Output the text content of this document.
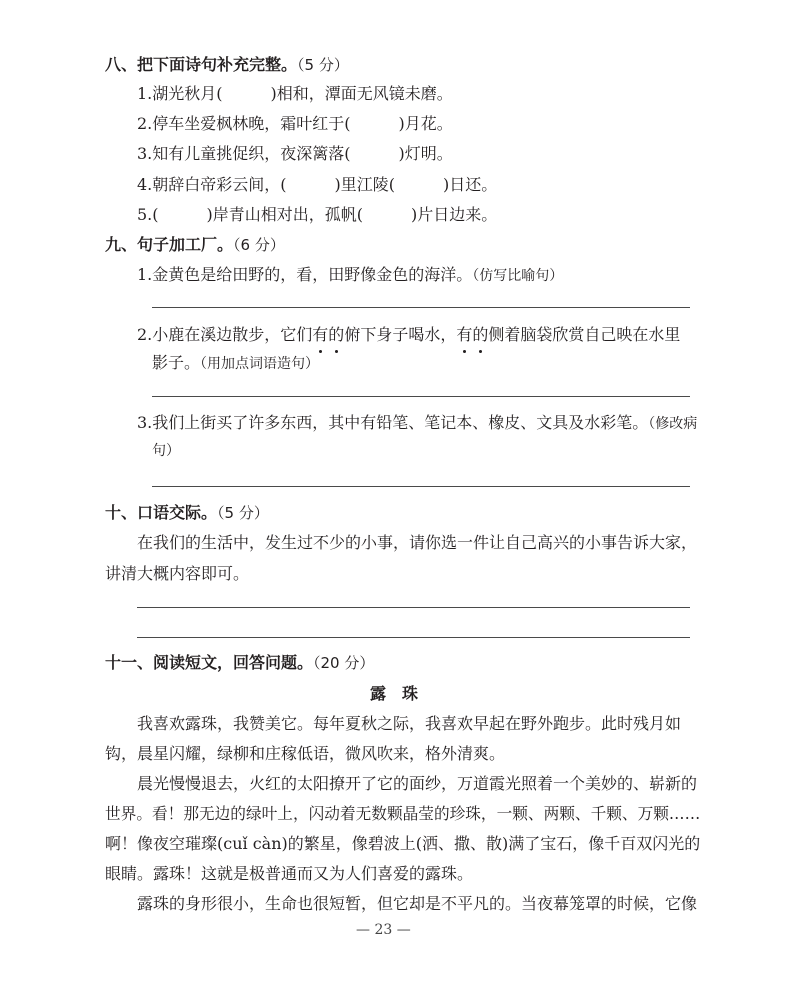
八、把下面诗句补充完整。（5 分）
1.湖光秋月(	)相和，潭面无风镜未磨。
2.停车坐爱枫林晚，霜叶红于(	)月花。
3.知有儿童挑促织，夜深篱落(	)灯明。
4.朝辞白帝彩云间，(	)里江陵(	)日还。
5.(	)岸青山相对出，孤帆(	)片日边来。
九、句子加工厂。（6 分）
1.金黄色是给田野的，看，田野像金色的海洋。（仿写比喻句）
2.小鹿在溪边散步，它们有的俯下身子喝水，有的侧着脑袋欣赏自己映在水里
影子。（用加点词语造句）
3.我们上街买了许多东西，其中有铅笔、笔记本、橡皮、文具及水彩笔。（修改病
句）
十、口语交际。（5 分）
在我们的生活中，发生过不少的小事，请你选一件让自己高兴的小事告诉大家，
讲清大概内容即可。
十一、阅读短文，回答问题。（20 分）
露　珠
我喜欢露珠，我赞美它。每年夏秋之际，我喜欢早起在野外跑步。此时残月如
钩，晨星闪耀，绿柳和庄稼低语，微风吹来，格外清爽。
晨光慢慢退去，火红的太阳撩开了它的面纱，万道霞光照着一个美妙的、崭新的
世界。看！那无边的绿叶上，闪动着无数颗晶莹的珍珠，一颗、两颗、千颗、万颗……
啊！像夜空璀璨(cuǐ càn)的繁星，像碧波上(洒、撒、散)满了宝石，像千百双闪光的
眼睛。露珠！这就是极普通而又为人们喜爱的露珠。
露珠的身形很小，生命也很短暂，但它却是不平凡的。当夜幕笼罩的时候，它像
— 23 —
